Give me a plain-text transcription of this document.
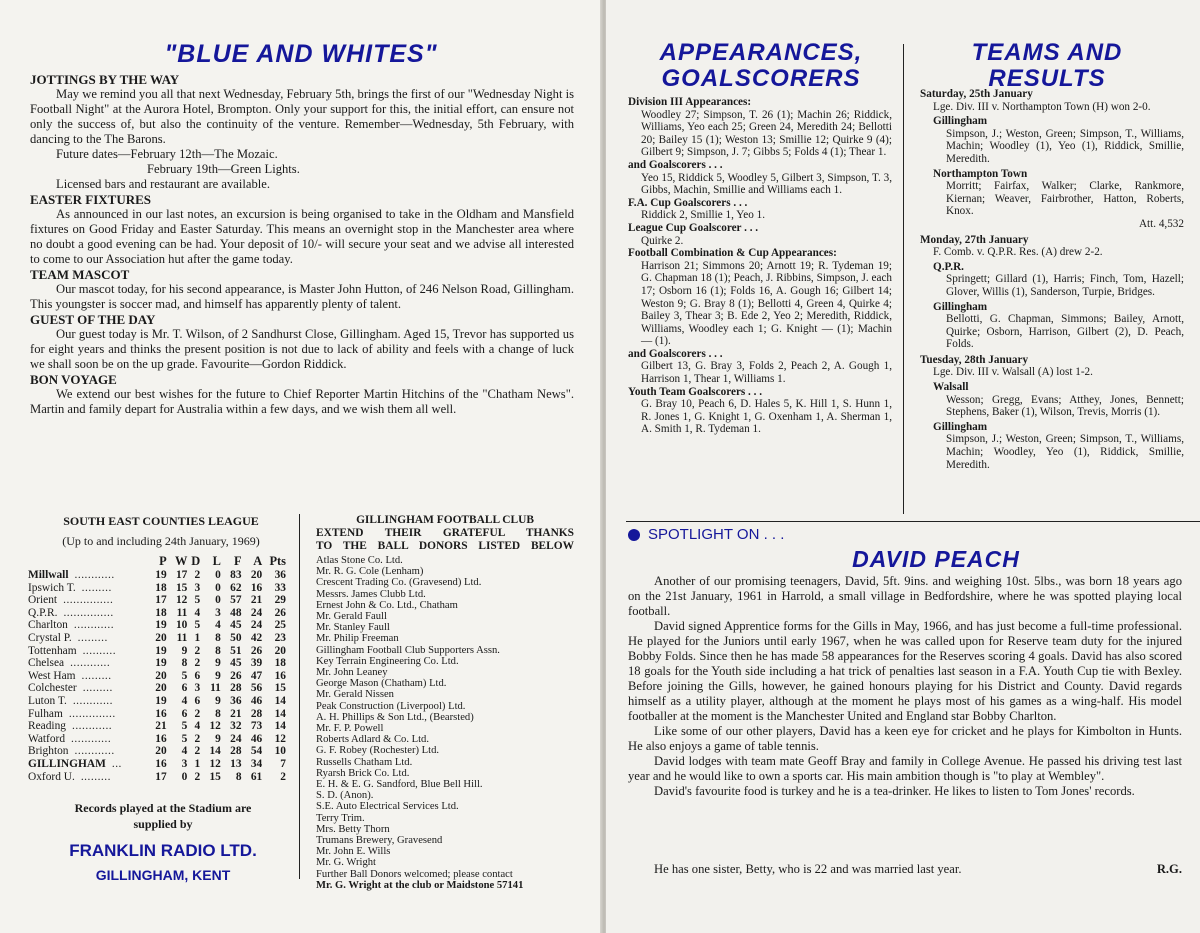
"BLUE AND WHITES"
JOTTINGS BY THE WAY

May we remind you all that next Wednesday, February 5th, brings the first of our "Wednesday Night is Football Night" at the Aurora Hotel, Brompton. Only your support for this, the initial effort, can ensure not only the success of, but also the continuity of the venture. Remember—Wednesday, 5th February, with dancing to the The Barons.

Future dates—February 12th—The Mozaic.

February 19th—Green Lights.

Licensed bars and restaurant are available.

EASTER FIXTURES

As announced in our last notes, an excursion is being organised to take in the Oldham and Mansfield fixtures on Good Friday and Easter Saturday. This means an overnight stop in the Manchester area where no doubt a good evening can be had. Your deposit of 10/- will secure your seat and we advise all interested to come to our Association hut after the game today.

TEAM MASCOT

Our mascot today, for his second appearance, is Master John Hutton, of 246 Nelson Road, Gillingham. This youngster is soccer mad, and himself has apparently plenty of talent.

GUEST OF THE DAY

Our guest today is Mr. T. Wilson, of 2 Sandhurst Close, Gillingham. Aged 15, Trevor has supported us for eight years and thinks the present position is not due to lack of ability and feels with a change of luck we shall soon be on the up grade. Favourite—Gordon Riddick.

BON VOYAGE

We extend our best wishes for the future to Chief Reporter Martin Hitchins of the "Chatham News". Martin and family depart for Australia within a few days, and we wish them all well.

SOUTH EAST COUNTIES LEAGUE
(Up to and including 24th January, 1969)
	P	W	D	L	F	A	Pts
Millwall ............	19	17	2	0	83	20	36
Ipswich T. .........	18	15	3	0	62	16	33
Orient ...............	17	12	5	0	57	21	29
Q.P.R. ...............	18	11	4	3	48	24	26
Charlton ............	19	10	5	4	45	24	25
Crystal P. .........	20	11	1	8	50	42	23
Tottenham ..........	19	9	2	8	51	26	20
Chelsea ............	19	8	2	9	45	39	18
West Ham .........	20	5	6	9	26	47	16
Colchester .........	20	6	3	11	28	56	15
Luton T. ............	19	4	6	9	36	46	14
Fulham ..............	16	6	2	8	21	28	14
Reading ............	21	5	4	12	32	73	14
Watford ............	16	5	2	9	24	46	12
Brighton ............	20	4	2	14	28	54	10
GILLINGHAM ...	16	3	1	12	13	34	7
Oxford U. .........	17	0	2	15	8	61	2
Records played at the Stadium are
supplied by
FRANKLIN RADIO LTD.
GILLINGHAM, KENT
GILLINGHAM FOOTBALL CLUB
EXTEND THEIR GRATEFUL THANKS
TO THE BALL DONORS LISTED BELOW
Atlas Stone Co. Ltd.
Mr. R. G. Cole (Lenham)
Crescent Trading Co. (Gravesend) Ltd.
Messrs. James Clubb Ltd.
Ernest John & Co. Ltd., Chatham
Mr. Gerald Faull
Mr. Stanley Faull
Mr. Philip Freeman
Gillingham Football Club Supporters Assn.
Key Terrain Engineering Co. Ltd.
Mr. John Leaney
George Mason (Chatham) Ltd.
Mr. Gerald Nissen
Peak Construction (Liverpool) Ltd.
A. H. Phillips & Son Ltd., (Bearsted)
Mr. F. P. Powell
Roberts Adlard & Co. Ltd.
G. F. Robey (Rochester) Ltd.
Russells Chatham Ltd.
Ryarsh Brick Co. Ltd.
E. H. & E. G. Sandford, Blue Bell Hill.
S. D. (Anon).
S.E. Auto Electrical Services Ltd.
Terry Trim.
Mrs. Betty Thorn
Trumans Brewery, Gravesend
Mr. John E. Wills
Mr. G. Wright
Further Ball Donors welcomed; please contact
Mr. G. Wright at the club or Maidstone 57141
APPEARANCES,
GOALSCORERS
Division III Appearances:

Woodley 27; Simpson, T. 26 (1); Machin 26; Riddick, Williams, Yeo each 25; Green 24, Meredith 24; Bellotti 20; Bailey 15 (1); Weston 13; Smillie 12; Quirke 9 (4); Gilbert 9; Simpson, J. 7; Gibbs 5; Folds 4 (1); Thear 1.

and Goalscorers . . .

Yeo 15, Riddick 5, Woodley 5, Gilbert 3, Simpson, T. 3, Gibbs, Machin, Smillie and Williams each 1.

F.A. Cup Goalscorers . . .

Riddick 2, Smillie 1, Yeo 1.

League Cup Goalscorer . . .

Quirke 2.

Football Combination & Cup Appearances:

Harrison 21; Simmons 20; Arnott 19; R. Tydeman 19; G. Chapman 18 (1); Peach, J. Ribbins, Simpson, J. each 17; Osborn 16 (1); Folds 16, A. Gough 16; Gilbert 14; Weston 9; G. Bray 8 (1); Bellotti 4, Green 4, Quirke 4; Bailey 3, Thear 3; B. Ede 2, Yeo 2; Meredith, Riddick, Williams, Woodley each 1; G. Knight — (1); Machin — (1).

and Goalscorers . . .

Gilbert 13, G. Bray 3, Folds 2, Peach 2, A. Gough 1, Harrison 1, Thear 1, Williams 1.

Youth Team Goalscorers . . .

G. Bray 10, Peach 6, D. Hales 5, K. Hill 1, S. Hunn 1, R. Jones 1, G. Knight 1, G. Oxenham 1, A. Sherman 1, A. Smith 1, R. Tydeman 1.

TEAMS AND
RESULTS
Saturday, 25th January

Lge. Div. III v. Northampton Town (H) won 2-0.

Gillingham

Simpson, J.; Weston, Green; Simpson, T., Williams, Machin; Woodley (1), Yeo (1), Riddick, Smillie, Meredith.

Northampton Town

Morritt; Fairfax, Walker; Clarke, Rankmore, Kiernan; Weaver, Fairbrother, Hatton, Roberts, Knox.

Att. 4,532
Monday, 27th January

F. Comb. v. Q.P.R. Res. (A) drew 2-2.

Q.P.R.

Springett; Gillard (1), Harris; Finch, Tom, Hazell; Glover, Willis (1), Sanderson, Turpie, Bridges.

Gillingham

Bellotti, G. Chapman, Simmons; Bailey, Arnott, Quirke; Osborn, Harrison, Gilbert (2), D. Peach, Folds.

Tuesday, 28th January

Lge. Div. III v. Walsall (A) lost 1-2.

Walsall

Wesson; Gregg, Evans; Atthey, Jones, Bennett; Stephens, Baker (1), Wilson, Trevis, Morris (1).

Gillingham

Simpson, J.; Weston, Green; Simpson, T., Williams, Machin; Woodley, Yeo (1), Riddick, Smillie, Meredith.

SPOTLIGHT ON . . .
DAVID PEACH

Another of our promising teenagers, David, 5ft. 9ins. and weighing 10st. 5lbs., was born 18 years ago on the 21st January, 1961 in Harrold, a small village in Bedfordshire, where he was spotted playing local football.

David signed Apprentice forms for the Gills in May, 1966, and has just become a full-time professional. He played for the Juniors until early 1967, when he was called upon for Reserve team duty for the injured Bobby Folds. Since then he has made 58 appearances for the Reserves scoring 4 goals. David has also scored 18 goals for the Youth side including a hat trick of penalties last season in a F.A. Youth Cup tie with Bexley. Before joining the Gills, however, he gained honours playing for his District and County. David regards himself as a utility player, although at the moment he plays most of his games as a wing-half. His model footballer at the moment is the Manchester United and England star Bobby Charlton.

Like some of our other players, David has a keen eye for cricket and he plays for Kimbolton in Hunts. He also enjoys a game of table tennis.

David lodges with team mate Geoff Bray and family in College Avenue. He passed his driving test last year and he would like to own a sports car. His main ambition though is "to play at Wembley".

David's favourite food is turkey and he is a tea-drinker. He likes to listen to Tom Jones' records.

He has one sister, Betty, who is 22 and was married last year.	R.G.
